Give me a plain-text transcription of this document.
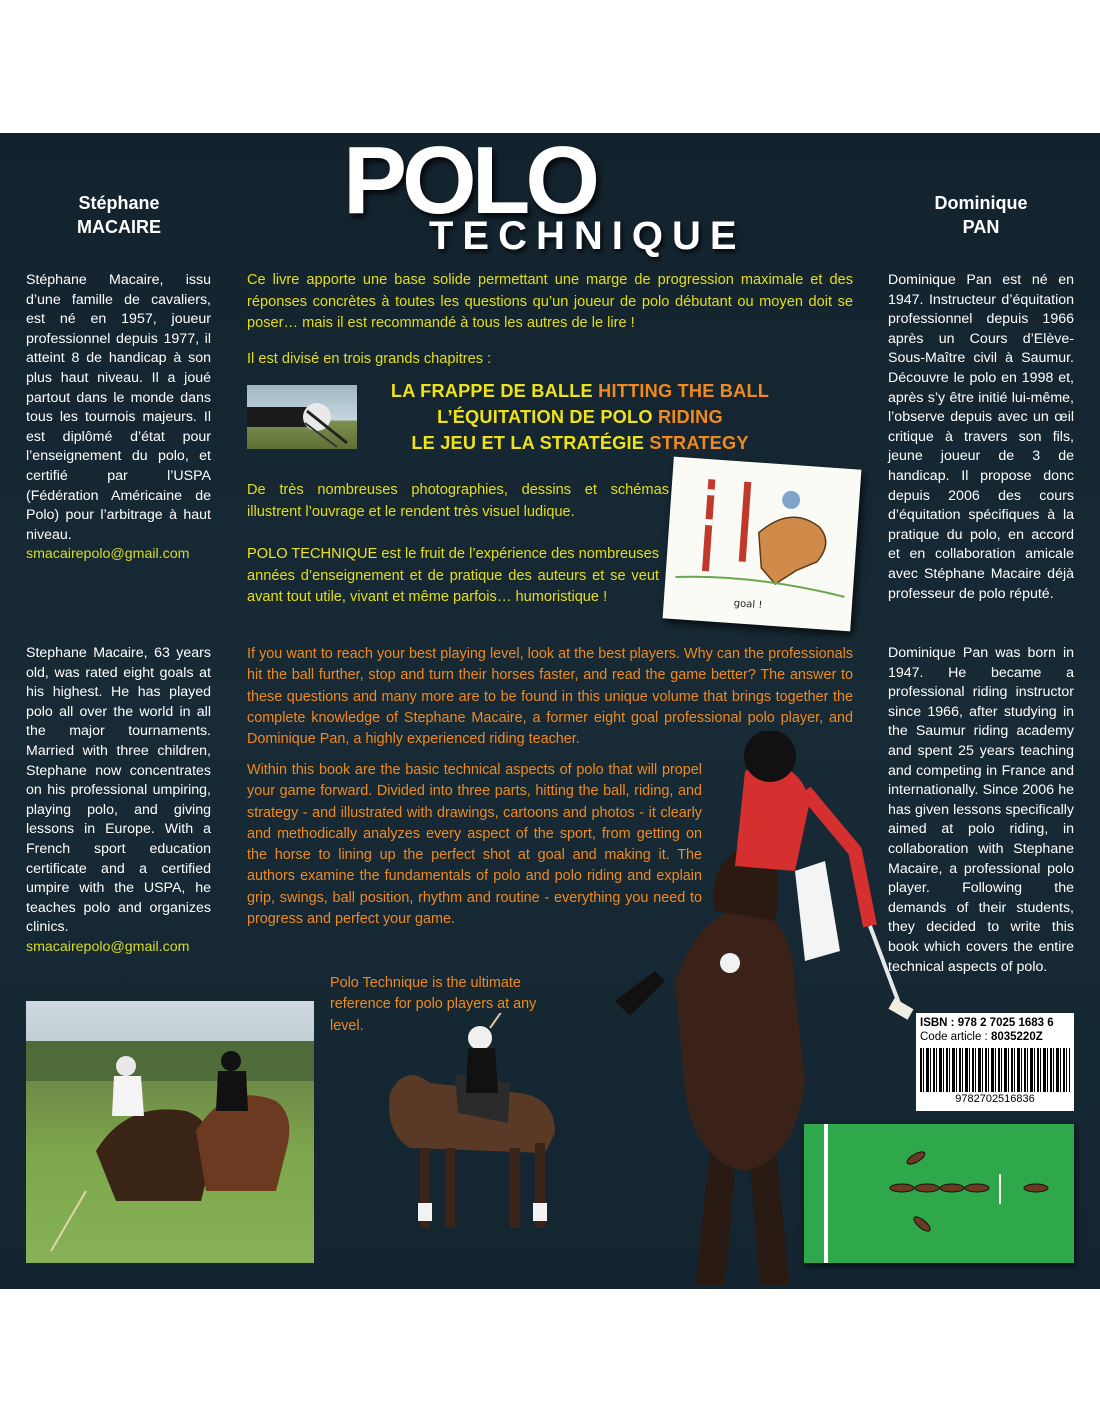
POLO
TECHNIQUE
Stéphane
MACAIRE
Dominique
PAN
Stéphane Macaire, issu d’une famille de cavaliers, est né en 1957, joueur professionnel depuis 1977, il atteint 8 de handicap à son plus haut niveau. Il a joué partout dans le monde dans tous les tournois majeurs. Il est diplômé d’état pour l’enseignement du polo, et certifié par l’USPA (Fédération Américaine de Polo) pour l’arbitrage à haut niveau.
smacairepolo@gmail.com
Stephane Macaire, 63 years old, was rated eight goals at his highest. He has played polo all over the world in all the major tournaments. Married with three children, Stephane now concentrates on his professional umpiring, playing polo, and giving lessons in Europe. With a French sport education certificate and a certified umpire with the USPA, he teaches polo and organizes clinics.
smacairepolo@gmail.com
Dominique Pan est né en 1947. Instructeur d’équitation professionnel depuis 1966 après un Cours d’Elève-Sous-Maître civil à Saumur. Découvre le polo en 1998 et, après s’y être initié lui-même, l’observe depuis avec un œil critique à travers son fils, jeune joueur de 3 de handicap. Il propose donc depuis 2006 des cours d’équitation spécifiques à la pratique du polo, en accord et en collaboration amicale avec Stéphane Macaire déjà professeur de polo réputé.
Dominique Pan was born in 1947. He became a professional riding instructor since 1966, after studying in the Saumur riding academy and spent 25 years teaching and competing in France and internationally. Since 2006 he has given lessons specifically aimed at polo riding, in collaboration with Stephane Macaire, a professional polo player. Following the demands of their students, they decided to write this book which covers the entire technical aspects of polo.
Ce livre apporte une base solide permettant une marge de progression maximale et des réponses concrètes à toutes les questions qu’un joueur de polo débutant ou moyen doit se poser… mais il est recommandé à tous les autres de le lire !
Il est divisé en trois grands chapitres :
LA FRAPPE DE BALLE HITTING THE BALL
L’ÉQUITATION DE POLO RIDING
LE JEU ET LA STRATÉGIE STRATEGY
De très nombreuses photographies, dessins et schémas illustrent l’ouvrage et le rendent très visuel ludique.
POLO TECHNIQUE est le fruit de l’expérience des nombreuses années d’enseignement et de pratique des auteurs et se veut avant tout utile, vivant et même parfois… humoristique !	goal !
If you want to reach your best playing level, look at the best players. Why can the professionals hit the ball further, stop and turn their horses faster, and read the game better? The answer to these questions and many more are to be found in this unique volume that brings together the complete knowledge of Stephane Macaire, a former eight goal professional polo player, and Dominique Pan, a highly experienced riding teacher.
Within this book are the basic technical aspects of polo that will propel your game forward. Divided into three parts, hitting the ball, riding, and strategy - and illustrated with drawings, cartoons and photos - it clearly and methodically analyzes every aspect of the sport, from getting on the horse to lining up the perfect shot at goal and making it. The authors examine the fundamentals of polo and polo riding and explain grip, swings, ball position, rhythm and routine - everything you need to progress and perfect your game.
Polo Technique is the ultimate reference for polo players at any level.	ISBN : 978 2 7025 1683 6
Code article : 8035220Z
9782702516836
